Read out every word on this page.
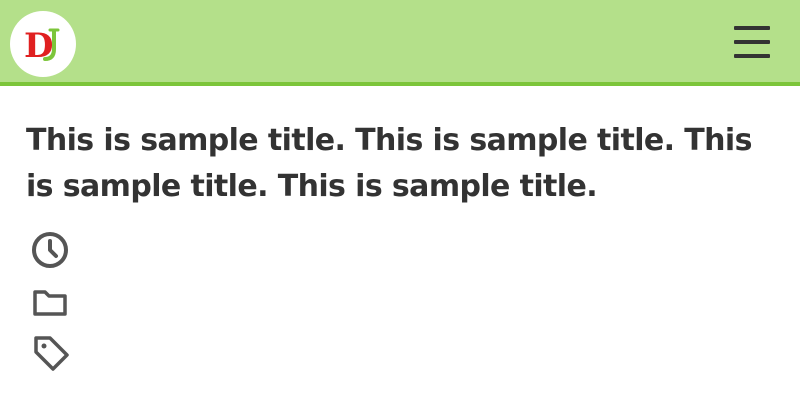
D
This is sample title. This is sample title. This is sample title. This is sample title.
